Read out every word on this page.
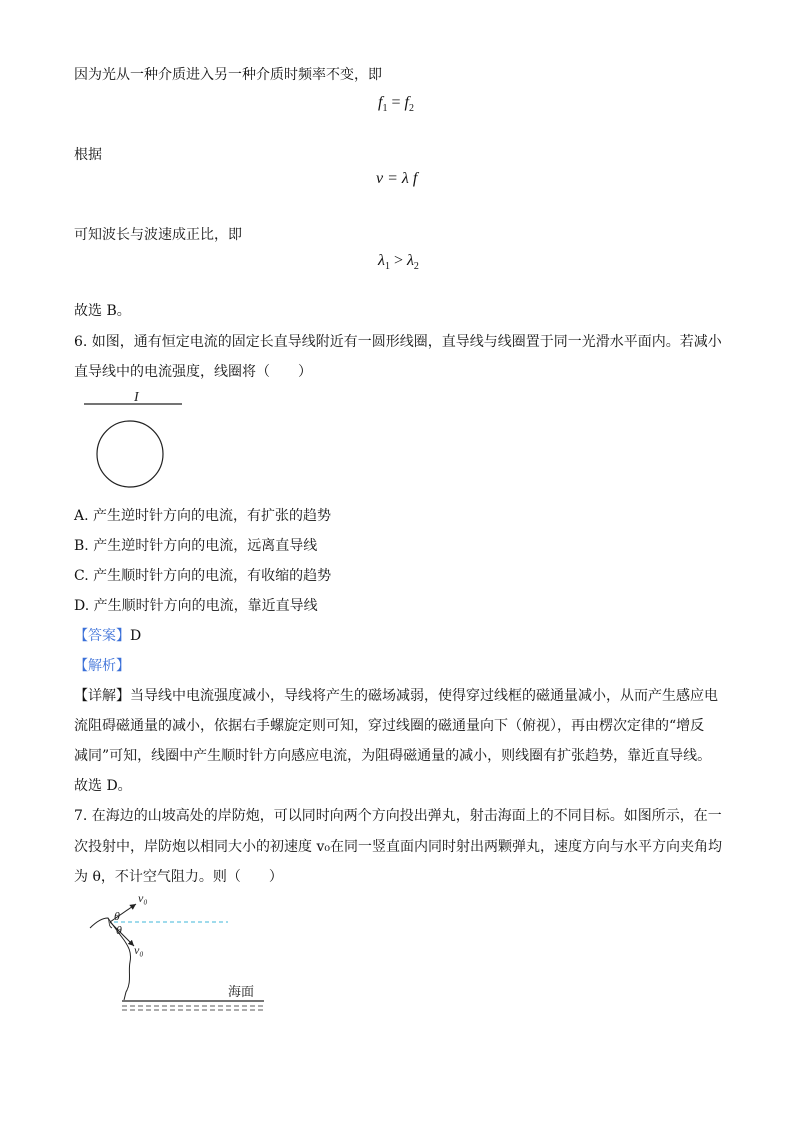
因为光从一种介质进入另一种介质时频率不变，即
$f_1 = f_2$
根据
v = λ f
可知波长与波速成正比，即
$\lambda_1 > \lambda_2$
故选 B。
6. 如图，通有恒定电流的固定长直导线附近有一圆形线圈，直导线与线圈置于同一光滑水平面内。若减小
直导线中的电流强度，线圈将（　　）
I
A. 产生逆时针方向的电流，有扩张的趋势
B. 产生逆时针方向的电流，远离直导线
C. 产生顺时针方向的电流，有收缩的趋势
D. 产生顺时针方向的电流，靠近直导线
【答案】D
【解析】
【详解】当导线中电流强度减小，导线将产生的磁场减弱，使得穿过线框的磁通量减小，从而产生感应电
流阻碍磁通量的减小，依据右手螺旋定则可知，穿过线圈的磁通量向下（俯视），再由楞次定律的“增反
减同”可知，线圈中产生顺时针方向感应电流，为阻碍磁通量的减小，则线圈有扩张趋势，靠近直导线。
故选 D。
7. 在海边的山坡高处的岸防炮，可以同时向两个方向投出弹丸，射击海面上的不同目标。如图所示，在一
次投射中，岸防炮以相同大小的初速度 v₀在同一竖直面内同时射出两颗弹丸，速度方向与水平方向夹角均
为 θ，不计空气阻力。则（　　）
v₀
θ
θ
v₀
海面
